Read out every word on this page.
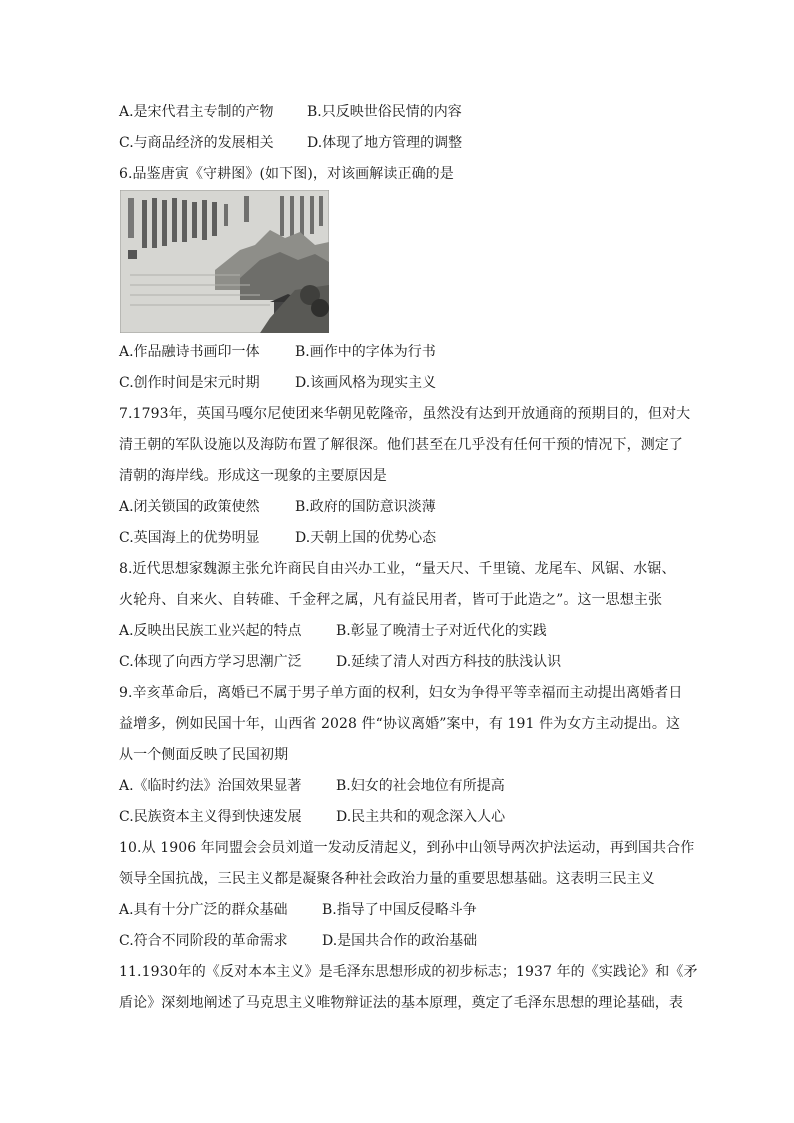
A.是宋代君主专制的产物 B.只反映世俗民情的内容
C.与商品经济的发展相关 D.体现了地方管理的调整
6.品鉴唐寅《守耕图》(如下图)，对该画解读正确的是
A.作品融诗书画印一体	B.画作中的字体为行书
C.创作时间是宋元时期	D.该画风格为现实主义
7.1793年，英国马嘎尔尼使团来华朝见乾隆帝，虽然没有达到开放通商的预期目的，但对大
清王朝的军队设施以及海防布置了解很深。他们甚至在几乎没有任何干预的情况下，测定了
清朝的海岸线。形成这一现象的主要原因是
A.闭关锁国的政策使然	B.政府的国防意识淡薄
C.英国海上的优势明显	D.天朝上国的优势心态
8.近代思想家魏源主张允许商民自由兴办工业，“量天尺、千里镜、龙尾车、风锯、水锯、
火轮舟、自来火、自转碓、千金秤之属，凡有益民用者，皆可于此造之”。这一思想主张
A.反映出民族工业兴起的特点 B.彰显了晚清士子对近代化的实践
C.体现了向西方学习思潮广泛 D.延续了清人对西方科技的肤浅认识
9.辛亥革命后，离婚已不属于男子单方面的权利，妇女为争得平等幸福而主动提出离婚者日
益增多，例如民国十年，山西省 2028 件“协议离婚”案中，有 191 件为女方主动提出。这
从一个侧面反映了民国初期
A.《临时约法》治国效果显著 B.妇女的社会地位有所提高
C.民族资本主义得到快速发展 D.民主共和的观念深入人心
10.从 1906 年同盟会会员刘道一发动反清起义，到孙中山领导两次护法运动，再到国共合作
领导全国抗战，三民主义都是凝聚各种社会政治力量的重要思想基础。这表明三民主义
A.具有十分广泛的群众基础 B.指导了中国反侵略斗争
C.符合不同阶段的革命需求 D.是国共合作的政治基础
11.1930年的《反对本本主义》是毛泽东思想形成的初步标志；1937 年的《实践论》和《矛
盾论》深刻地阐述了马克思主义唯物辩证法的基本原理，奠定了毛泽东思想的理论基础，表
